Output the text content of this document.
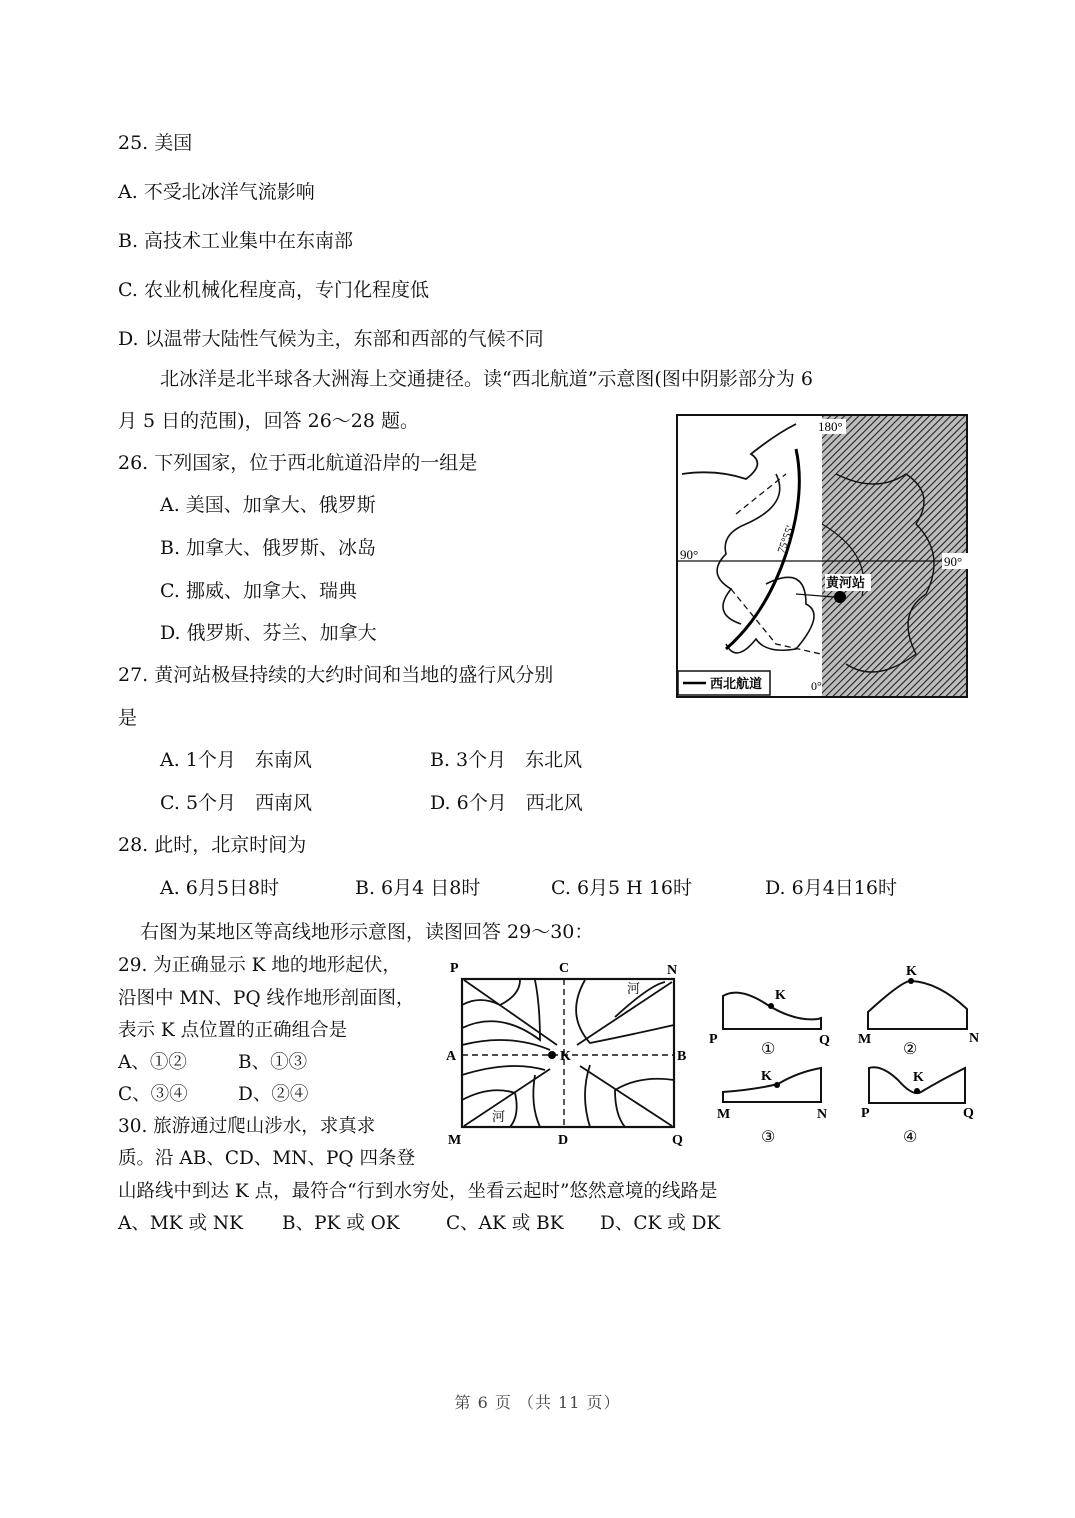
25. 美国
A. 不受北冰洋气流影响
B. 高技术工业集中在东南部
C. 农业机械化程度高，专门化程度低
D. 以温带大陆性气候为主，东部和西部的气候不同
北冰洋是北半球各大洲海上交通捷径。读“西北航道”示意图(图中阴影部分为 6
月 5 日的范围)，回答 26～28 题。
26. 下列国家，位于西北航道沿岸的一组是
A. 美国、加拿大、俄罗斯
B. 加拿大、俄罗斯、冰岛
C. 挪威、加拿大、瑞典
D. 俄罗斯、芬兰、加拿大
27. 黄河站极昼持续的大约时间和当地的盛行风分别
是
A. 1个月　东南风	B. 3个月　东北风
C. 5个月　西南风	D. 6个月　西北风
28. 此时，北京时间为
A. 6月5日8时	B. 6月4 日8时	C. 6月5 H 16时	D. 6月4日16时
180°
90°	90°
75°55′
黄河站
0°
西北航道
右图为某地区等高线地形示意图，读图回答 29～30：
29. 为正确显示 K 地的地形起伏，
沿图中 MN、PQ 线作地形剖面图，
表示 K 点位置的正确组合是
A、①②	B、①③
C、③④	D、②④
30. 旅游通过爬山涉水，求真求
质。沿 AB、CD、MN、PQ 四条登
山路线中到达 K 点，最符合“行到水穷处，坐看云起时”悠然意境的线路是
A、MK 或 NK B、PK 或 OK	C、AK 或 BK D、CK 或 DK
P	C	N
A	K	B
M	D	Q
河
河
K
P	Q
K
M	N
K
M	N
K
P	Q
①	②
③	④
第 6 页 （共 11 页）
